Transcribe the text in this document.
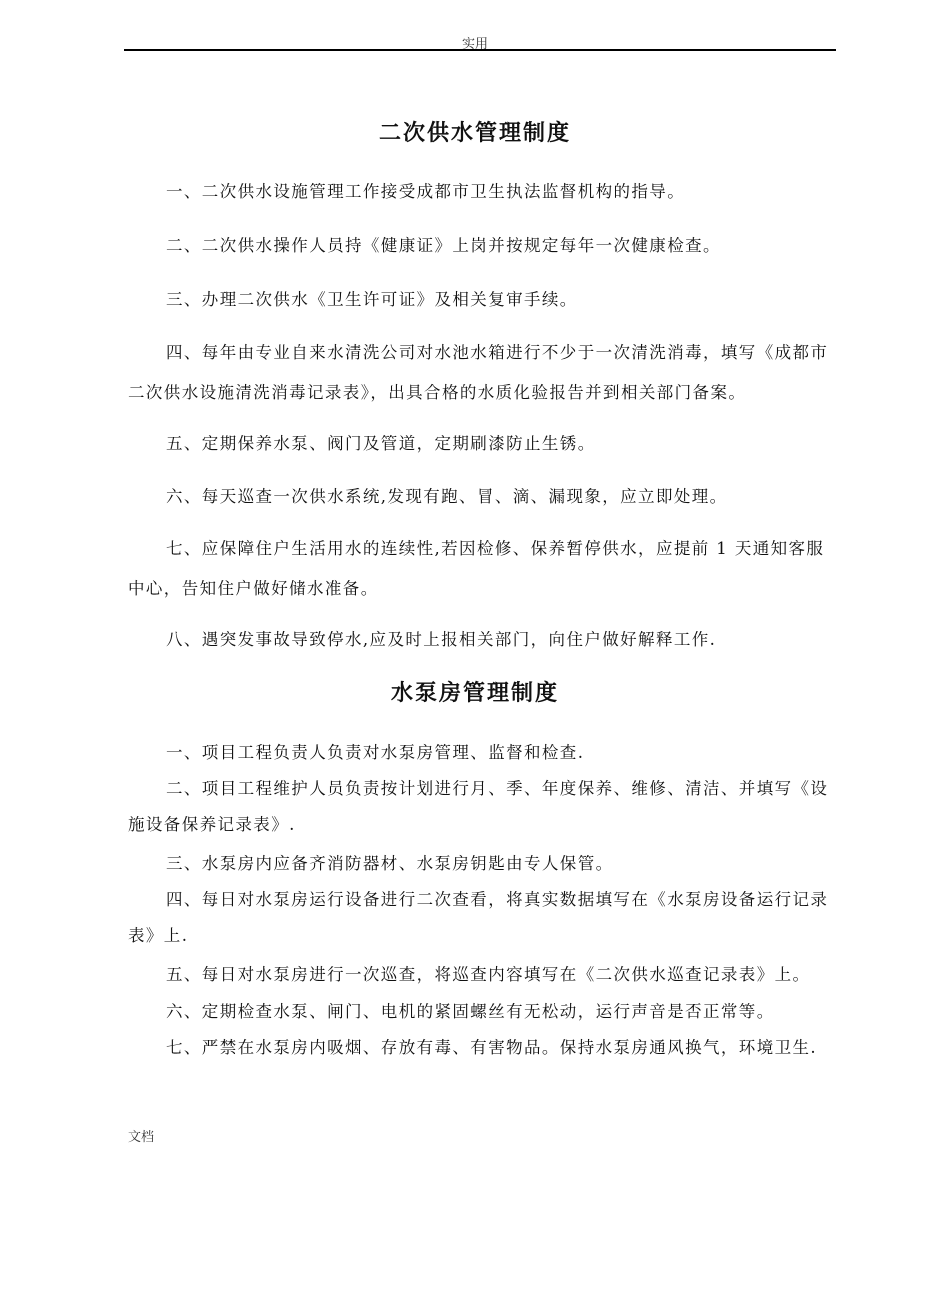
实用
二次供水管理制度
一、二次供水设施管理工作接受成都市卫生执法监督机构的指导。
二、二次供水操作人员持《健康证》上岗并按规定每年一次健康检查。
三、办理二次供水《卫生许可证》及相关复审手续。
四、每年由专业自来水清洗公司对水池水箱进行不少于一次清洗消毒，填写《成都市二次供水设施清洗消毒记录表》，出具合格的水质化验报告并到相关部门备案。
五、定期保养水泵、阀门及管道，定期刷漆防止生锈。
六、每天巡查一次供水系统,发现有跑、冒、滴、漏现象，应立即处理。
七、应保障住户生活用水的连续性,若因检修、保养暂停供水，应提前 1 天通知客服中心，告知住户做好储水准备。
八、遇突发事故导致停水,应及时上报相关部门，向住户做好解释工作.
水泵房管理制度
一、项目工程负责人负责对水泵房管理、监督和检查.
二、项目工程维护人员负责按计划进行月、季、年度保养、维修、清洁、并填写《设施设备保养记录表》.
三、水泵房内应备齐消防器材、水泵房钥匙由专人保管。
四、每日对水泵房运行设备进行二次查看，将真实数据填写在《水泵房设备运行记录表》上.
五、每日对水泵房进行一次巡查，将巡查内容填写在《二次供水巡查记录表》上。
六、定期检查水泵、闸门、电机的紧固螺丝有无松动，运行声音是否正常等。
七、严禁在水泵房内吸烟、存放有毒、有害物品。保持水泵房通风换气，环境卫生.
文档
